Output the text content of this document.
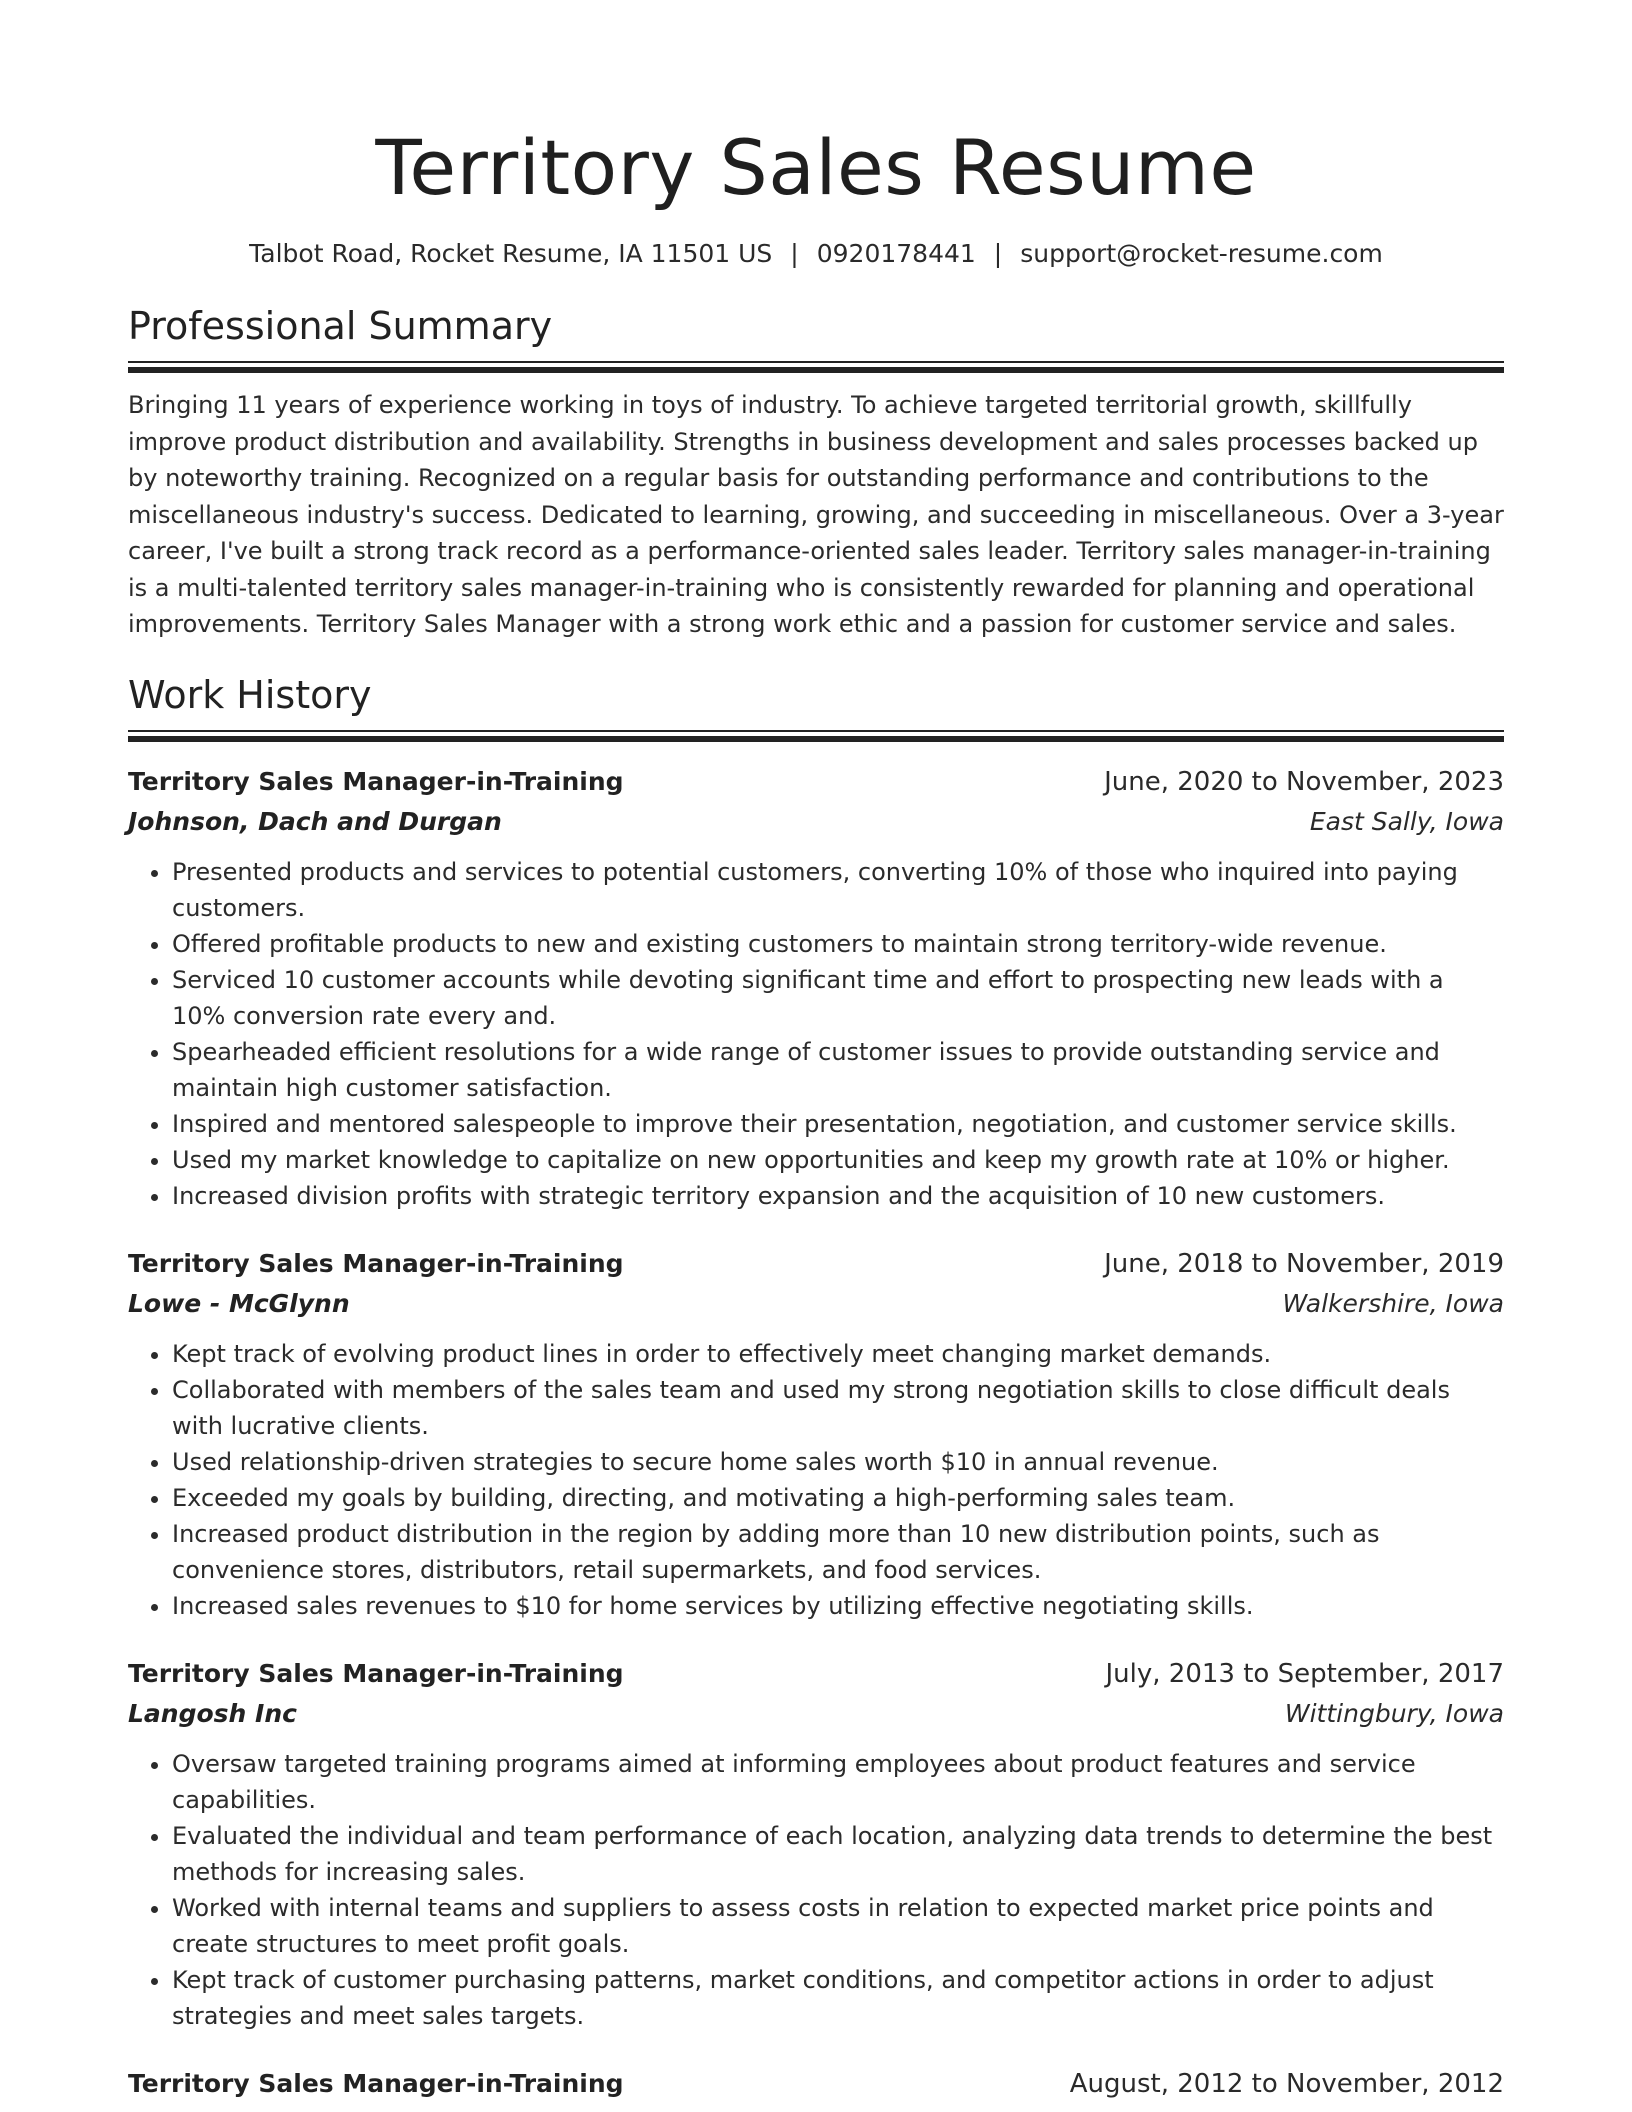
Territory Sales Resume
Talbot Road, Rocket Resume, IA 11501 US | 0920178441 | support@rocket-resume.com
Professional Summary

Bringing 11 years of experience working in toys of industry. To achieve targeted territorial growth, skillfully improve product distribution and availability. Strengths in business development and sales processes backed up by noteworthy training. Recognized on a regular basis for outstanding performance and contributions to the miscellaneous industry's success. Dedicated to learning, growing, and succeeding in miscellaneous. Over a 3-year career, I've built a strong track record as a performance-oriented sales leader. Territory sales manager-in-training is a multi-talented territory sales manager-in-training who is consistently rewarded for planning and operational improvements. Territory Sales Manager with a strong work ethic and a passion for customer service and sales.

Work History
Territory Sales Manager-in-Training	June, 2020 to November, 2023
Johnson, Dach and Durgan	East Sally, Iowa
• Presented products and services to potential customers, converting 10% of those who inquired into paying customers.
• Offered profitable products to new and existing customers to maintain strong territory-wide revenue.
• Serviced 10 customer accounts while devoting significant time and effort to prospecting new leads with a 10% conversion rate every and.
• Spearheaded efficient resolutions for a wide range of customer issues to provide outstanding service and maintain high customer satisfaction.
• Inspired and mentored salespeople to improve their presentation, negotiation, and customer service skills.
• Used my market knowledge to capitalize on new opportunities and keep my growth rate at 10% or higher.
• Increased division profits with strategic territory expansion and the acquisition of 10 new customers.
Territory Sales Manager-in-Training	June, 2018 to November, 2019
Lowe - McGlynn	Walkershire, Iowa
• Kept track of evolving product lines in order to effectively meet changing market demands.
• Collaborated with members of the sales team and used my strong negotiation skills to close difficult deals with lucrative clients.
• Used relationship-driven strategies to secure home sales worth $10 in annual revenue.
• Exceeded my goals by building, directing, and motivating a high-performing sales team.
• Increased product distribution in the region by adding more than 10 new distribution points, such as convenience stores, distributors, retail supermarkets, and food services.
• Increased sales revenues to $10 for home services by utilizing effective negotiating skills.
Territory Sales Manager-in-Training	July, 2013 to September, 2017
Langosh Inc	Wittingbury, Iowa
• Oversaw targeted training programs aimed at informing employees about product features and service capabilities.
• Evaluated the individual and team performance of each location, analyzing data trends to determine the best methods for increasing sales.
• Worked with internal teams and suppliers to assess costs in relation to expected market price points and create structures to meet profit goals.
• Kept track of customer purchasing patterns, market conditions, and competitor actions in order to adjust strategies and meet sales targets.
Territory Sales Manager-in-Training	August, 2012 to November, 2012
